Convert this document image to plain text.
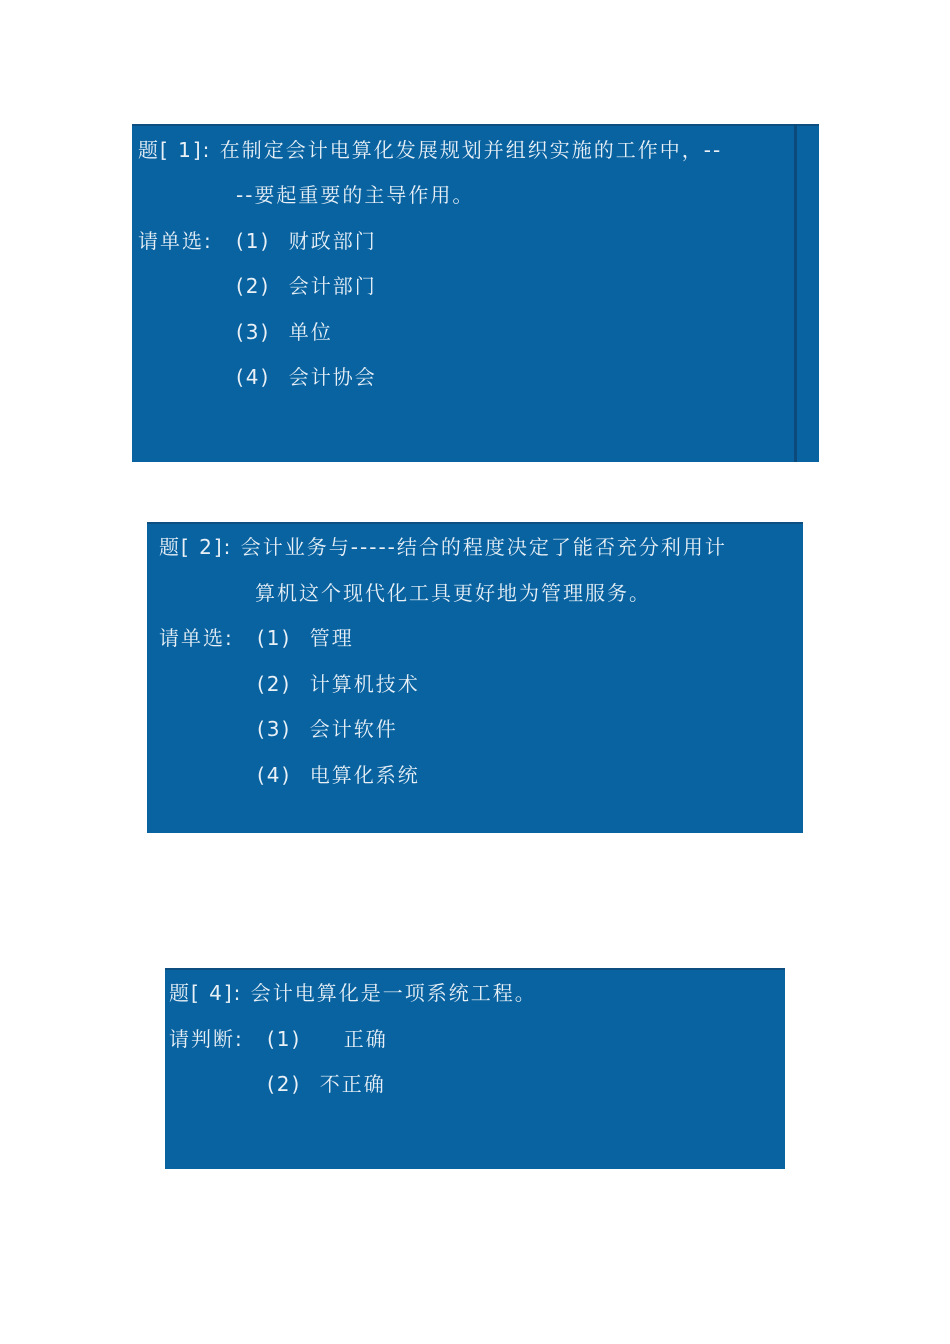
题[ 1]: 在制定会计电算化发展规划并组织实施的工作中，--
--要起重要的主导作用。
请单选: (1) 财政部门
(2) 会计部门
(3) 单位
(4) 会计协会
题[ 2]: 会计业务与-----结合的程度决定了能否充分利用计
算机这个现代化工具更好地为管理服务。
请单选: (1) 管理
(2) 计算机技术
(3) 会计软件
(4) 电算化系统
题[ 4]: 会计电算化是一项系统工程。
请判断: (1) 正确
(2) 不正确
